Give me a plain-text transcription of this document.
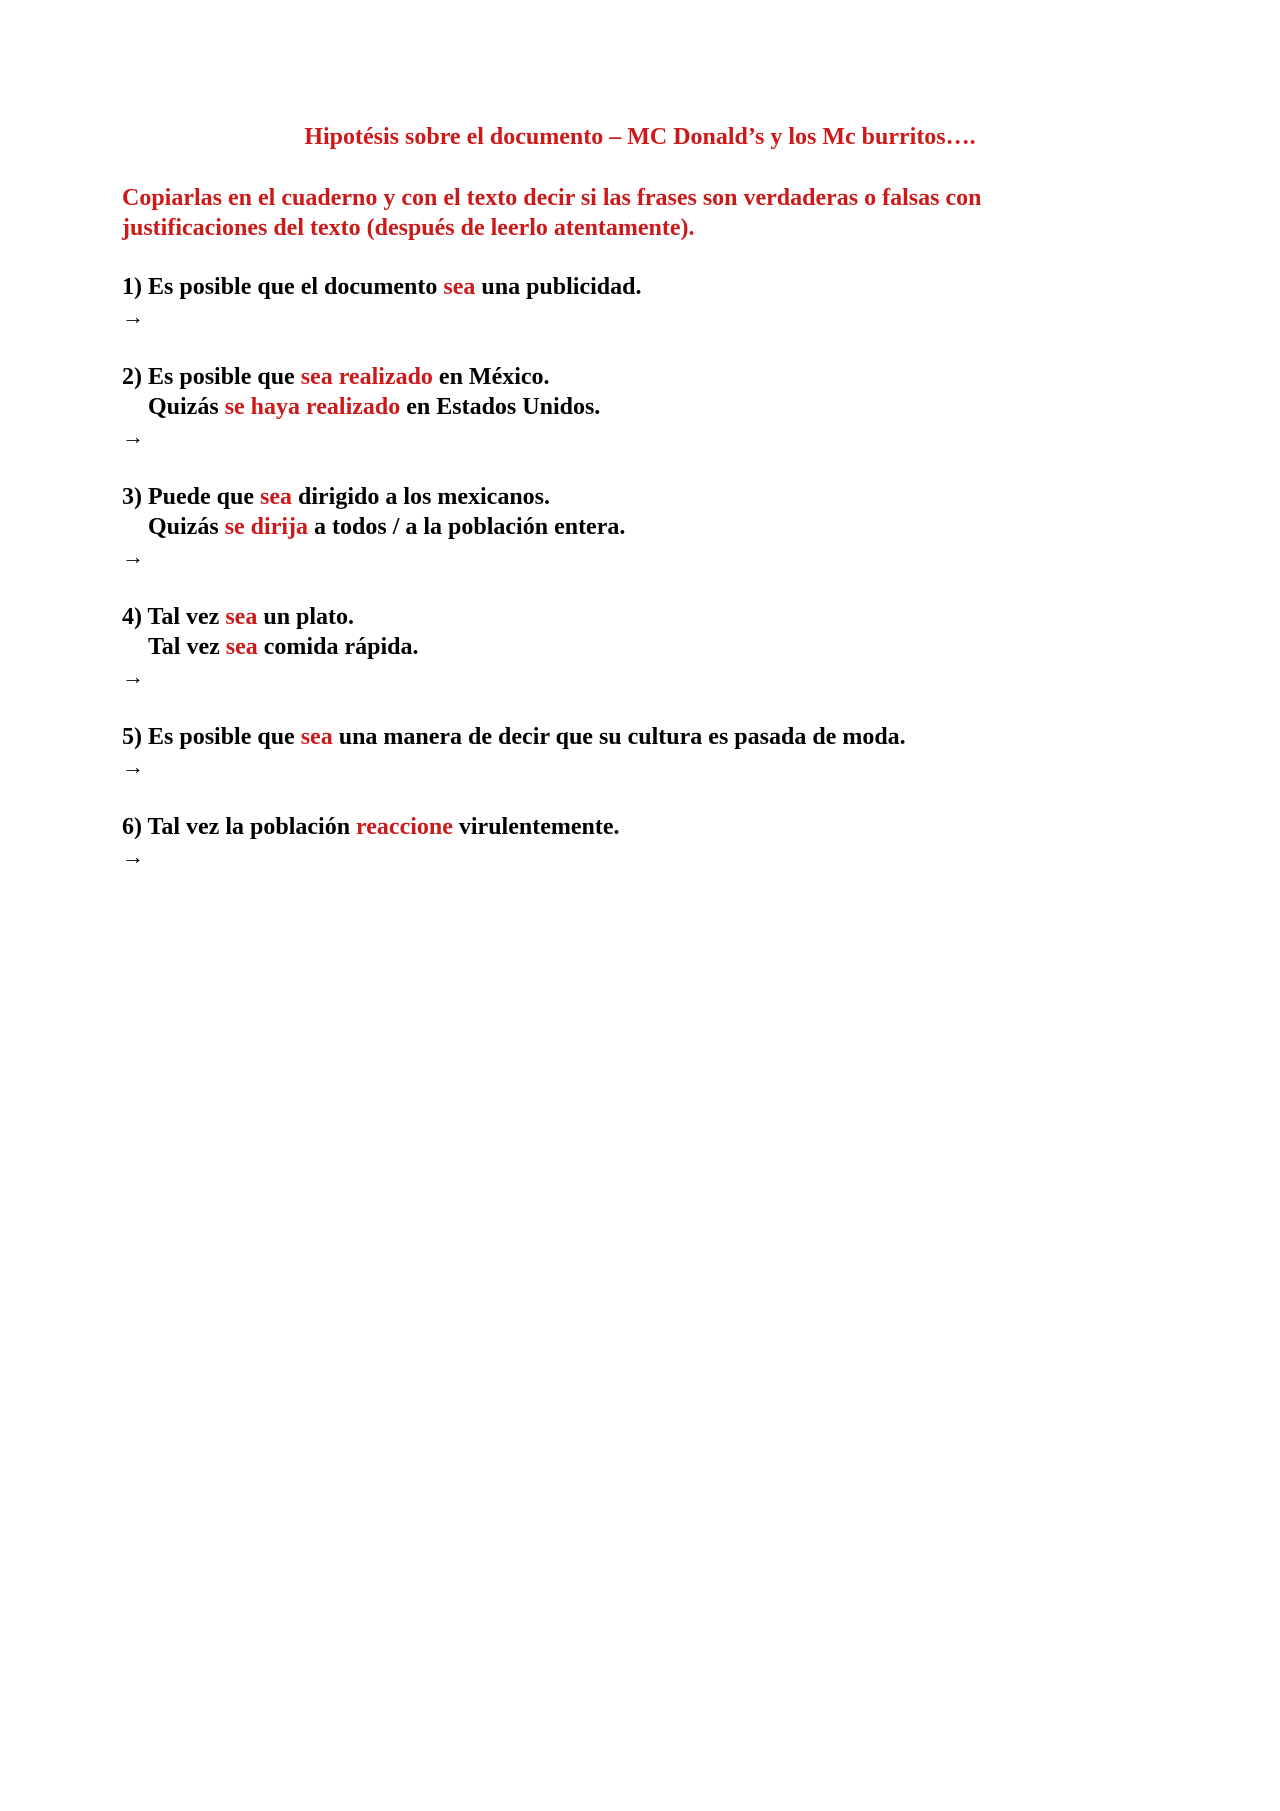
Hipotésis sobre el documento – MC Donald’s y los Mc burritos….

Copiarlas en el cuaderno y con el texto decir si las frases son verdaderas o falsas con

justificaciones del texto (después de leerlo atentamente).

1) Es posible que el documento sea una publicidad.
→
2) Es posible que sea realizado en México.
Quizás se haya realizado en Estados Unidos.
→
3) Puede que sea dirigido a los mexicanos.
Quizás se dirija a todos / a la población entera.
→
4) Tal vez sea un plato.
Tal vez sea comida rápida.
→
5) Es posible que sea una manera de decir que su cultura es pasada de moda.
→
6) Tal vez la población reaccione virulentemente.
→
